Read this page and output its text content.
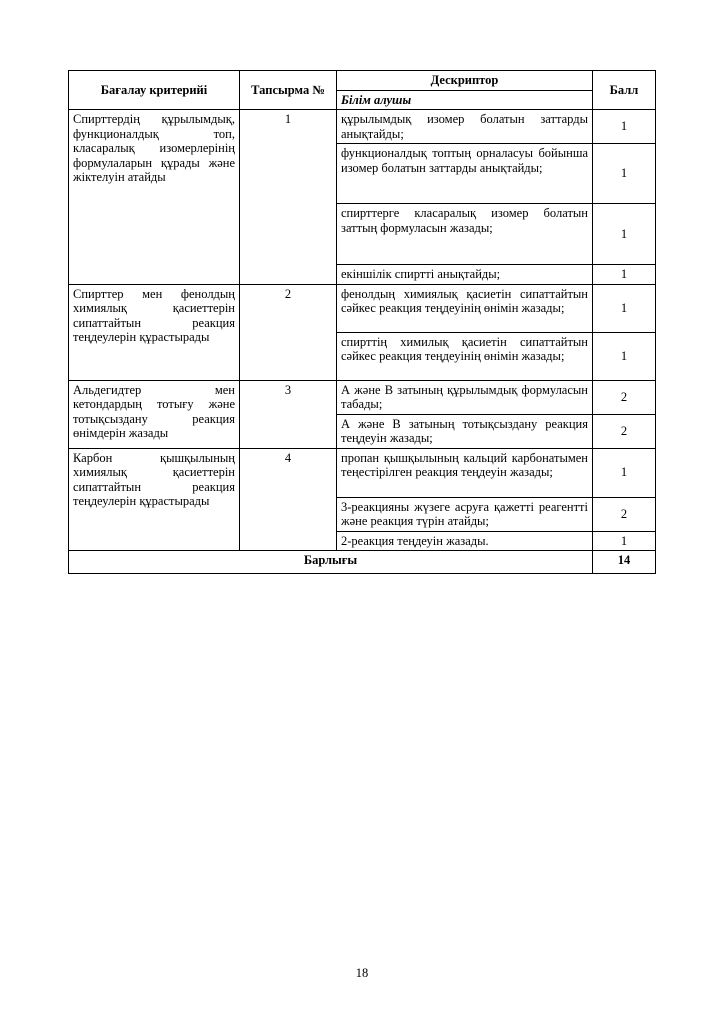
Бағалау критерийі	Тапсырма №	Дескриптор	Балл
		Білім алушы	
Спирттердің құрылымдық, функционалдық топ, класаралық изомерлерінің формулаларын құрады және жіктелуін атайды	1	құрылымдық изомер болатын заттарды анықтайды;	1
		функционалдық топтың орналасуы бойынша изомер болатын заттарды анықтайды;	1
		спирттерге класаралық изомер болатын заттың формуласын жазады;	1
		екіншілік спиртті анықтайды;	1
Спирттер мен фенолдың химиялық қасиеттерін сипаттайтын реакция теңдеулерін құрастырады	2	фенолдың химиялық қасиетін сипаттайтын сәйкес реакция теңдеуінің өнімін жазады;	1
		спирттің химилық қасиетін сипаттайтын сәйкес реакция теңдеуінің өнімін жазады;	1
Альдегидтер мен кетондардың тотығу және тотықсыздану реакция өнімдерін жазады	3	А және В затының құрылымдық формуласын табады;	2
		А және В затының тотықсыздану реакция теңдеуін жазады;	2
Карбон қышқылының химиялық қасиеттерін сипаттайтын реакция теңдеулерін құрастырады	4	пропан қышқылының кальций карбонатымен теңестірілген реакция теңдеуін жазады;	1
		3-реакцияны жүзеге асруға қажетті реагентті және реакция түрін атайды;	2
		2-реакция теңдеуін жазады.	1
Барлығы			14
18
